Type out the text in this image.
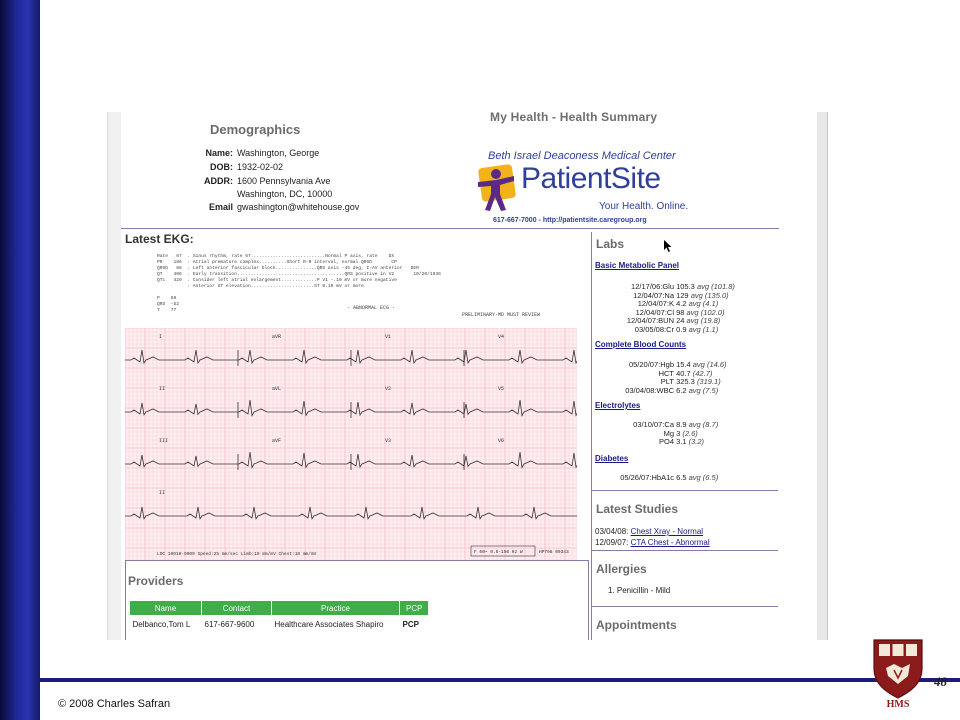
My Health - Health Summary
Demographics
Name: Washington, George
DOB: 1932-02-02
ADDR: 1600 Pennsylvania Ave
Washington, DC, 10000
Email gwashington@whitehouse.gov
Beth Israel Deaconess Medical Center
PatientSite
Your Health. Online.
617-667-7000 - http://patientsite.caregroup.org
Latest EKG:
Rate   67  . Sinus rhythm, rate 67...........................Normal P axis, rate    DX
PR    186  . Atrial premature complex..........Short R-R interval, normal QRSD       CP
QRSD   88  . Left anterior fascicular block...............QRS axis -45 deg, I-AV anterior   DER
QT    406  . Early transition.......................................QRS positive in V2       10/20/1936
QTc   429  . Consider left atrial enlargement.............P V1 -.10 mV or more negative
. Anterior ST elevation.......................ST 0.10 mV or more

P    69
QRS  -52
T    77	- ABNORMAL ECG -
PRELIMINARY-MD MUST REVIEW
I	aVR	V1	V4
II	aVL	V2	V5
III	aVF	V3	V6
II
LOC 10010-0000 Speed:25 mm/sec Limb:10 mm/mV Chest:10 mm/mV	F 60~ 0.5-150 Hz W	HP708 00343
Providers
Name	Contact	Practice	PCP
Delbanco,Tom L	617-667-9600	Healthcare Associates Shapiro	PCP
Labs
Basic Metabolic Panel
12/17/06:Glu 105.3 avg (101.8)
12/04/07:Na 129 avg (135.0)
12/04/07:K 4.2 avg (4.1)
12/04/07:Cl 98 avg (102.0)
12/04/07:BUN 24 avg (19.8)
03/05/08:Cr 0.9 avg (1.1)
Complete Blood Counts
05/20/07:Hgb 15.4 avg (14.6)
HCT 40.7 (42.7)
PLT 325.3 (319.1)
03/04/08:WBC 6.2 avg (7.5)
Electrolytes
03/10/07:Ca 8.9 avg (8.7)
Mg 3 (2.6)
PO4 3.1 (3.2)
Diabetes
05/26/07:HbA1c 6.5 avg (6.5)
Latest Studies
03/04/08: Chest Xray - Normal
12/09/07: CTA Chest - Abnormal
Allergies
Appointments
1. Penicillin - Mild
© 2008 Charles Safran
48
HMS
